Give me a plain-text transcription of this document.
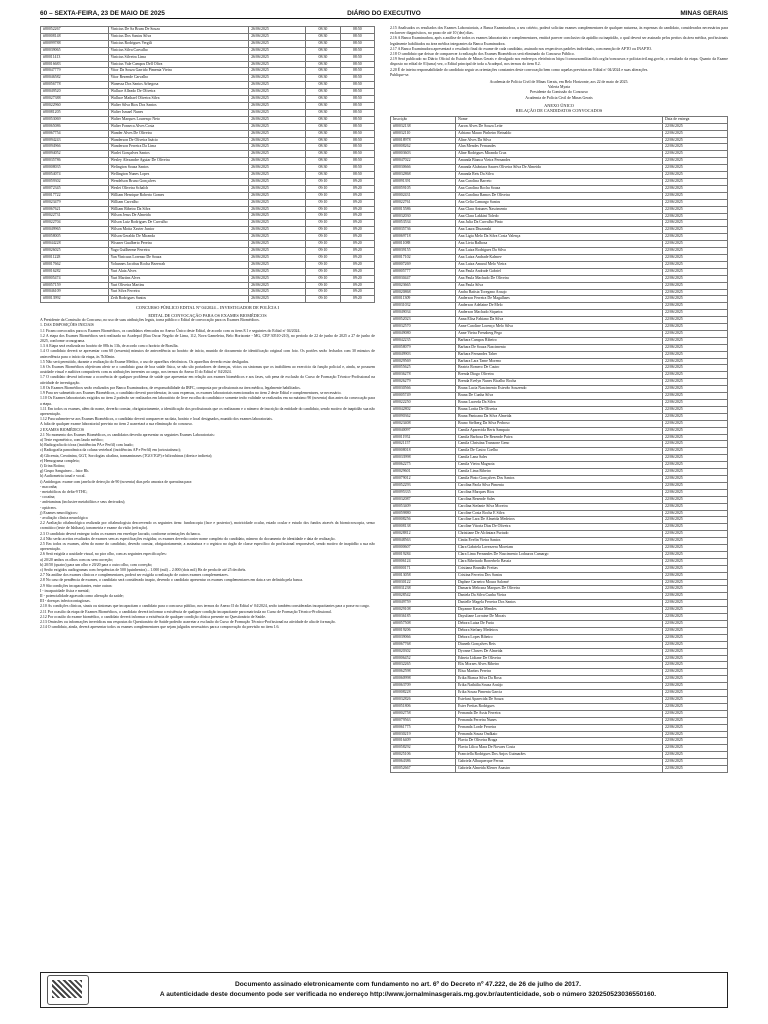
60 – SEXTA-FEIRA, 23 DE MAIO DE 2025	DIÁRIO DO EXECUTIVO	MINAS GERAIS
#80052267	Vinicius De Sa Brum De Souza	26/06/2025	08:30	08:50
#80008148	Vinicius Dos Santos Silva	26/06/2025	08:30	08:50
#80099788	Vinicius Rodrigues Vergili	26/06/2025	08:30	08:50
#80039065	Vinicius Silva Carvalho	26/06/2025	08:30	08:50
#80011413	Vinicius Silveira Lima	26/06/2025	08:30	08:50
#80016683	Vinicius Vale Campos Dell Oliva	26/06/2025	08:30	08:50
#80047779	Vitor Da Souza Garrido Pimenta Vieira	26/06/2025	08:30	08:50
#80046582	Vitor Rezende Carvalho	26/06/2025	08:30	08:50
#80056778	Wanessa Dos Santos Arbegosa	26/06/2025	08:30	08:50
#80049520	Wallace Alleado De Oliveira	26/06/2025	08:30	08:50
#80027388	Wallace Mathael Oliveira Silva	26/06/2025	08:30	08:50
#80022960	Walter Silva Rios Dos Santos	26/06/2025	08:30	08:50
#80081205	Walter Ismael Nunes	26/06/2025	08:30	08:50
#80053069	Walter Marques Lourenço Neto	26/06/2025	08:30	08:50
#80065086	Walter Fonseca Alves Costa	26/06/2025	08:30	08:50
#80067754	Wander Alves De Oliveira	26/06/2025	08:30	08:50
#80094243	Wanderson De Oliveira Inácio	26/06/2025	08:30	08:50
#80094966	Wanderson Ferreira Da Lima	26/06/2025	08:30	08:50
#80094052	Warlei Gonçalves Santos	26/06/2025	08:30	08:50
#80035786	Wesley Alexandre Aguiar De Oliveira	26/06/2025	08:30	08:50
#80008035	Welington Souza Santos	26/06/2025	08:30	08:50
#80054074	Wellington Nunes Lopes	26/06/2025	08:30	08:50
#80059302	Wendelson Bruno Gonçalves	26/06/2025	09:10	09:20
#80072345	Weslei Oliveira Schalch	26/06/2025	09:10	09:20
#80017722	William Henrique Roberto Gomes	26/06/2025	09:10	09:20
#80023479	William Carvalho	26/06/2025	09:10	09:20
#80067621	William Ribeiro Da Silva	26/06/2025	09:10	09:20
#80022731	Wilson Jesus De Almeida	26/06/2025	09:10	09:20
#80022704	Wilson Luiz Rodrigues De Carvalho	26/06/2025	09:10	09:20
#80049965	Wilson Motta Xavier Junior	26/06/2025	09:10	09:20
#80058005	Wilson Geraldo De Miranda	26/06/2025	09:10	09:20
#80044228	Wissner Gualberto Pereira	26/06/2025	09:10	09:20
#80026025	Yago Guilherme Ferreira	26/06/2025	09:10	09:20
#80011228	Yan Vinicuus Lorenzo De Souza	26/06/2025	09:10	09:20
#80017662	Yohannes Jacobus Rocha Bezerrah	26/06/2025	09:10	09:20
#80016282	Yuri Alaia Alves	26/06/2025	09:10	09:20
#80005474	Yuri Martins Alves	26/06/2025	09:10	09:20
#80057159	Yuri Oliveira Martins	26/06/2025	09:10	09:20
#80046109	Yuri Silva Ferreira	26/06/2025	09:10	09:20
#80013992	Zeth Rodrigues Santos	26/06/2025	09:10	09:20

CONCURSO PÚBLICO EDITAL Nº 04/2024 – INVESTIGADOR DE POLÍCIA I

EDITAL DE CONVOCAÇÃO PARA OS EXAMES BIOMÉDICOS

A Presidente da Comissão do Concurso, no uso de suas atribuições legais, torna público o Edital de convocação para os Exames Biomédicos.

1. DAS DISPOSIÇÕES INICIAIS

1.1 Ficam convocados para os Exames Biomédicos, os candidatos elencados no Anexo Único deste Edital, de acordo com os itens 8.1 e seguintes do Edital nº 04/2024.

1.2 A etapa dos Exames Biomédicos será realizada no Acadepol (Rua Oscar Negrão de Lima, 112, Nova Gameleira, Belo Horizonte - MG, CEP 30510-210), no período de 22 de junho de 2025 a 27 de junho de 2025, conforme cronograma.

1.3 A Etapa será realizada no horário de 08h às 13h, de acordo com o horário de Brasília.

1.4 O candidato deverá se apresentar com 60 (sessenta) minutos de antecedência ao horário de início, munido de documento de identificação original com foto. Os portões serão fechados com 30 minutos de antecedência para o início da etapa, às 7h30min.

1.5 Não será permitido, durante a realização do Exame Médico, o uso de aparelhos eletrônicos. Os aparelhos deverão estar desligados.

1.6 Os Exames Biomédicos objetivam aferir se o candidato goza de boa saúde física, se não são portadores de doenças, vícios ou sintomas que os inabilitem ao exercício da função policial e, ainda, se possuem acuidade visual e auditiva compatíveis com as atribuições inerentes ao cargo, nos termos do Anexo II do Edital nº 04/2024.

1.7 O candidato deverá informar a ocorrência de qualquer problema de saúde que apresentar em relação aos exames biomédicos e aos fases, sob pena de exclusão do Curso de Formação Técnico-Profissional na atividade de investigação.

1.8 Os Exames Biomédicos serão realizados por Banca Examinadora, de responsabilidade da IBFC, composta por profissionais na área médica, legalmente habilitados.

1.9 Para ser submetido aos Exames Biomédicos, o candidato deverá providenciar, às suas expensas, os exames laboratoriais mencionados no item 2 deste Edital e complementares, se necessário.

1.10 Os Exames laboratoriais exigidos no item 2 poderão ser realizados em laboratório de livre escolha do candidato e somente terão validade se realizados em no máximo 90 (noventa) dias antes da convocação para a etapa.

1.11 Em todos os exames, além do nome, deverão constar, obrigatoriamente, a identificação dos profissionais que os realizaram e o número de inscrição da entidade do candidato, sendo motivo de inaptidão sua não apresentação.

1.12 Para submeter-se aos Exames Biomédicos, o candidato deverá comparecer na data, horário e local designados, munido dos exames laboratoriais.

A falta de qualquer exame laboratorial previsto no item 2 acarretará a sua eliminação do concurso.

2 EXAMES BIOMÉDICOS

2.1 No momento dos Exames Biomédicos, os candidatos deverão apresentar os seguintes Exames Laboratoriais:

a) Teste ergométrico, com laudo médico;

b) Radiografia do tórax (incidências PA e Perfil) com laudo;

c) Radiografia panorâmica da coluna vertebral (incidências AP e Perfil) em (ortostatismo);

d) Glicemia, Creatinina, GGT, Sorologias alcalina, transaminases (TGO/TGP) e bilirrubinas (direta e indireta);

e) Hemograma completo;

f) Urina Rotina;

g) Grupo Sanguíneo – fator Rh.

h) Audiometria tonal e vocal.

i) Antidrogas: exame com janela de detecção de 90 (noventa) dias pelo amostra de queratina para:

- maconha;

- metabólicos do delta-9 THC;

- cocaína;

- anfetaminas (inclusive metabólitos e seus derivados);

- opiáceos.

j) Exames neurológicos:

- avaliação clínica neurológica

2.2 Avaliação oftalmológica realizada por oftalmologista descrevendo os seguintes itens: fundoscopia (face e posterior), motricidade ocular, estado ocular e estudo dos fundos através da biomicroscopia, senso cromático (teste de Ishihara), tonometria e exame da visão (refração).

2.3 O candidato deverá entregar todos os exames em envelope lacrado, conforme orientações da banca.

2.4 Não serão aceitos resultados de exames sem as especificações exigidas; os exames deverão conter nome completo do candidato, número do documento de identidade e data de realização.

2.5 Em todos os exames, além do nome do candidato, deverão constar, obrigatoriamente, a assinatura e o registro no órgão de classe específico do profissional responsável, sendo motivo de inaptidão a sua não apresentação.

2.6 Será exigida a acuidade visual, no pior olho, com as seguintes especificações:

a) 20/20 ambos os olhos com ou sem correção;

b) 20/50 (quatro) para um olho e 20/20 para o outro olho, com correção;

c) Serão exigidos audiogramas com frequências de 500 (quinhentos) – 1.000 (mil) – 2.000 (dois mil) Hz de perda de até 25 decibéis.

2.7 Na análise dos exames clínicos e complementares, poderá ser exigida a realização de outros exames complementares.

2.8 No caso de pendência de exames, o candidato será considerado inapto, devendo o candidato apresentar os exames complementares em data a ser definida pela banca.

2.9 São condições incapacitantes, entre outras:

I - incapacidade física e mental;

II - potencialidade agravada como alteração da saúde;

III - doenças infectocontagiosas.

2.10 As condições clínicas, sinais ou sintomas que incapacitam o candidato para o concurso público, nos termos do Anexo II do Edital nº 04/2024, serão também consideradas incapacitantes para a posse no cargo.

2.11 Por ocasião da etapa de Exames Biomédicos, o candidato deverá informar a existência de qualquer condição incapacitante para matrícula no Curso de Formação Técnico-Profissional.

2.12 Por ocasião do exame biomédico, o candidato deverá informar a existência de qualquer condição clínica presente no Questionário de Saúde.

2.13 Omissões ou informações inverídicas nas respostas do Questionário de Saúde poderão acarretar a exclusão do Curso de Formação Técnico-Profissional na atividade de alta de formação.

2.14 O candidato, ainda, deverá apresentar todos os exames complementares que sejam julgados necessários para a comprovação da previsão no item 1.6.

2.15 Analisados os resultados dos Exames Laboratoriais, a Banca Examinadora, a seu critério, poderá solicitar exames complementares de qualquer natureza, às expensas do candidato, considerados necessários para esclarecer diagnósticos, no prazo de até 10 (dez) dias.

2.16 A Banca Examinadora, após a análise de todos os exames laboratoriais e complementares, emitirá parecer conclusivo da aptidão ou inaptidão, o qual deverá ser assinado pelos peritos da área médica, profissionais legalmente habilitados na área médica integrantes da Banca Examinadora.

2.17 A Banca Examinadora apresentará o resultado final do exame de cada candidato, assinado nos respectivos padrões individuais, com menção de APTO ou INAPTO.

2.18 O candidato que deixar de comparecer à realização dos Exames Biomédicos será eliminado do Concurso Público.

2.19 Será publicado no Diário Oficial do Estado de Minas Gerais e divulgado nos endereços eletrônicos https://concursomilitar.ibfc.org.br/concursos e policiacivil.mg.gov.br, o resultado da etapa. Quanto da Exame disposto no edital de 01(uma) vez, o Edital principal de toda a Acadepol, nos termos do item 8.2.

2.20 É de inteira responsabilidade do candidato seguir as orientações constantes deste convocação bem como aquelas previstas no Edital nº 04/2024 e suas alterações.

Publique-se.

Academia de Polícia Civil de Minas Gerais, em Belo Horizonte, aos 22 de maio de 2025.

Valeria Myata

Presidente da Comissão do Concurso

Academia de Polícia Civil de Minas Gerais

ANEXO ÚNICO

RELAÇÃO DE CANDIDATOS CONVOCADOS

Inscrição	Nome	Data de entrega
#80032138	Aaron Alves De Souza Leite	22/06/2025
#80032110	Adriano Mauro Pinheiro Reinaldo	22/06/2025
#80018978	Aline Alves Da Silva	22/06/2025
#80008262	Alan Mendes Fernandes	22/06/2025
#80003603	Aline Rodrigues Miranda Cruz	22/06/2025
#80047022	Amanda Bianca Vieira Fernandes	22/06/2025
#80030666	Amanda Alcântara Saures Oliveira Silva De Almeida	22/06/2025
#80032868	Amanda Reis Da Silva	22/06/2025
#80091391	Ana Carolina Barreto	22/06/2025
#80059105	Ana Carolina Rocha Souza	22/06/2025
#80002431	Ana Carolina Ramos De Oliveira	22/06/2025
#80022761	Ana Celia Camargo Santos	22/06/2025
#80015586	Ana Clara Antunes Nascimento	22/06/2025
#80032030	Ana Clara Lakkini Toledo	22/06/2025
#80053534	Ana Julia Da Carvalho Pinto	22/06/2025
#80035736	Ana Laura Diuzanski	22/06/2025
#80069718	Ana Ligia Melo Da Silva Costa Valença	22/06/2025
#80011088	Ana Livia Balbosa	22/06/2025
#80039155	Ana Luiza Rodrigues Da Silva	22/06/2025
#80017102	Ana Luiza Andrade Kalmev	22/06/2025
#80007269	Ana Luiza Amaral Melo Vieira	22/06/2025
#80005777	Ana Paula Andrade Gabriel	22/06/2025
#80030447	Ana Paula Machado De Oliveira	22/06/2025
#80023665	Ana Paula Silva	22/06/2025
#80020868	Andra Batista Toregano Araujo	22/06/2025
#80011309	Anderson Ferreira De Magalhaes	22/06/2025
#80031032	Anderson Adelaine De Melo	22/06/2025
#80049034	Anderson Machado Siqueira	22/06/2025
#80052023	Anna Elisa Fabiano Da Silva	22/06/2025
#80032570	Anne Caroline Lorenço Melo Silva	22/06/2025
#80049080	Anne Vieira Fresnberg Pego	22/06/2025
#80042235	Barbara Campos Ribeiro	22/06/2025
#80058079	Barbara De Souza Nascimento	22/06/2025
#80049903	Barbara Fernandes Taher	22/06/2025
#80029569	Barbara Lara Tame Moreno	22/06/2025
#80055625	Beatriz Romero De Castro	22/06/2025
#80036278	Brenda Diogo Oliveira	22/06/2025
#80026279	Brenda Evelyn Nunes Bicalho Rocha	22/06/2025
#80030566	Bruna Lucia Nascimento Estevão Souzendo	22/06/2025
#80005749	Bruna De Cunha Silva	22/06/2025
#80022250	Bruna Lacerda Da Silva	22/06/2025
#80042802	Bruna Lorita De Oliveira	22/06/2025
#80090362	Bruna Pantoana Da Silva Almeida	22/06/2025
#80023408	Bruno Stelberg Da Silva Pedroso	22/06/2025
#80040097	Camila Aparecida Reris Sampaio	22/06/2025
#80011952	Camila Barbosa De Rezende Paiva	22/06/2025
#80021157	Camila Christina Tranzone Geno	22/06/2025
#80008018	Camila De Castro Coelho	22/06/2025
#80033998	Camila Lana Sales	22/06/2025
#80062275	Camila Vieira Magnota	22/06/2025
#80029601	Camila Lima Ribeiro	22/06/2025
#80079012	Camila Pinto Gonçalves Dos Santos	22/06/2025
#80052293	Carolina Paola Silva Pimenta	22/06/2025
#80095335	Carolina Marques Rios	22/06/2025
#80032087	Carolina Rezende Sales	22/06/2025
#80053409	Carolina Stefanie Silva Moreira	22/06/2025
#80059880	Caroline Costa Rocha E Silva	22/06/2025
#80008256	Caroline Lara De Almeida Medeiros	22/06/2025
#80008138	Caroline Vitoria Dias De Oliveira	22/06/2025
#80028812	Christiane De Alcântara Furtado	22/06/2025
#80048563	Cintia Evelin Vieira Santos	22/06/2025
#80000607	Clara Gabriela Lavezzera Moreiam	22/06/2025
#80019284	Clara Lima Fernandes De Nascimento Lodauros Camargo	22/06/2025
#80006124	Clara Ribeirado Bonerbelo Bassia	22/06/2025
#80000171	Cristiana Brandão Freitas	22/06/2025
#80013058	Cristina Ferreira Dos Santos	22/06/2025
#80030122	Daphne Carneiro Moura Salomé	22/06/2025
#80031238	Damaris Meloxna Marques De Oliveira	22/06/2025
#80028542	Daniela Da Silva Cunha Vieira	22/06/2025
#80049759	Danielle Magela Ferreira Dos Santos	22/06/2025
#80029108	Dayanne Kassia Mendes	22/06/2025
#80036185	Dayuliane Lorraine De Morais	22/06/2025
#80057508	Debora Luiza De Faria	22/06/2025
#80019206	Debora Stefany Medeiros	22/06/2025
#80039066	Debora Lopes Ribeiro	22/06/2025
#80067768	Dianeth Gonçalves Reis	22/06/2025
#80020302	Dyonne Chaves De Almeida	22/06/2025
#80006452	Edneia Lidiane De Oliveira	22/06/2025
#80032265	Elis Moraes Alves Ribeiro	22/06/2025
#80062598	Elisa Martins Pereira	22/06/2025
#80060998	Erika Bianca Silva Da Rosa	22/06/2025
#80063709	Erika Nathália Souza Araújo	22/06/2025
#80008228	Erika Souza Pimenta Garcia	22/06/2025
#80032826	Estefani Aparecida De Souza	22/06/2025
#80051806	Ester Freitas Rodrigues	22/06/2025
#80002758	Fernanda De Assis Ferreira	22/06/2025
#80079563	Fernanda Ferreira Nunes	22/06/2025
#80061775	Fernanda Lorde Ferreira	22/06/2025
#80030219	Fernanda Souza Ondkaio	22/06/2025
#80016409	Flavia De Oliveira Braga	22/06/2025
#80058292	Flavia Lilica Mara De Novaes Costa	22/06/2025
#80025106	Franciella Rodrigues Dos Anjos Guimarães	22/06/2025
#80064386	Gabriela Albuquerque Ferraz	22/06/2025
#80052667	Gabriela Almeida Klener Anastro	22/06/2025
Documento assinado eletronicamente com fundamento no art. 6º do Decreto nº 47.222, de 26 de julho de 2017.
A autenticidade deste documento pode ser verificada no endereço http://www.jornalminasgerais.mg.gov.br/autenticidade, sob o número 320250523036550160.
